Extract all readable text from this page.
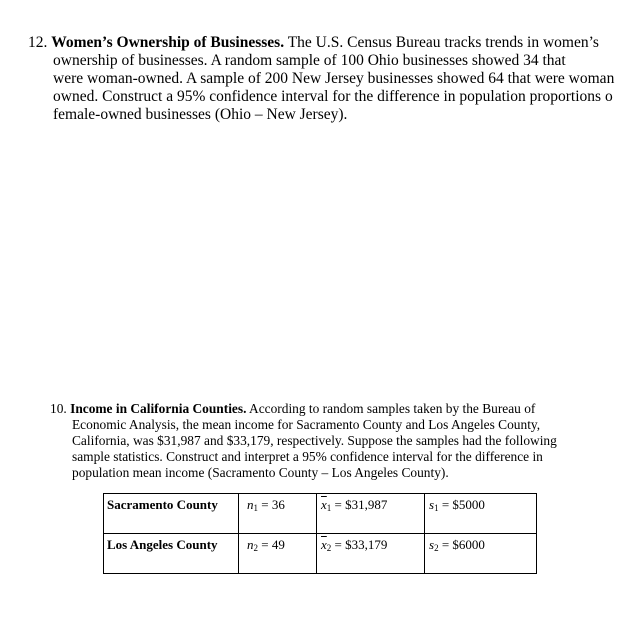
12. Women’s Ownership of Businesses. The U.S. Census Bureau tracks trends in women’s
ownership of businesses. A random sample of 100 Ohio businesses showed 34 that
were woman-owned. A sample of 200 New Jersey businesses showed 64 that were woman
owned. Construct a 95% confidence interval for the difference in population proportions o
female-owned businesses (Ohio – New Jersey).
10. Income in California Counties. According to random samples taken by the Bureau of
Economic Analysis, the mean income for Sacramento County and Los Angeles County,
California, was $31,987 and $33,179, respectively. Suppose the samples had the following
sample statistics. Construct and interpret a 95% confidence interval for the difference in
population mean income (Sacramento County – Los Angeles County).
Sacramento County	$n_1 = 36$	$\overline{x}_1$ = $31,987	$s_1$ = $5000
Los Angeles County	$n_2 = 49$	$\overline{x}_2$ = $33,179	$s_2$ = $6000
